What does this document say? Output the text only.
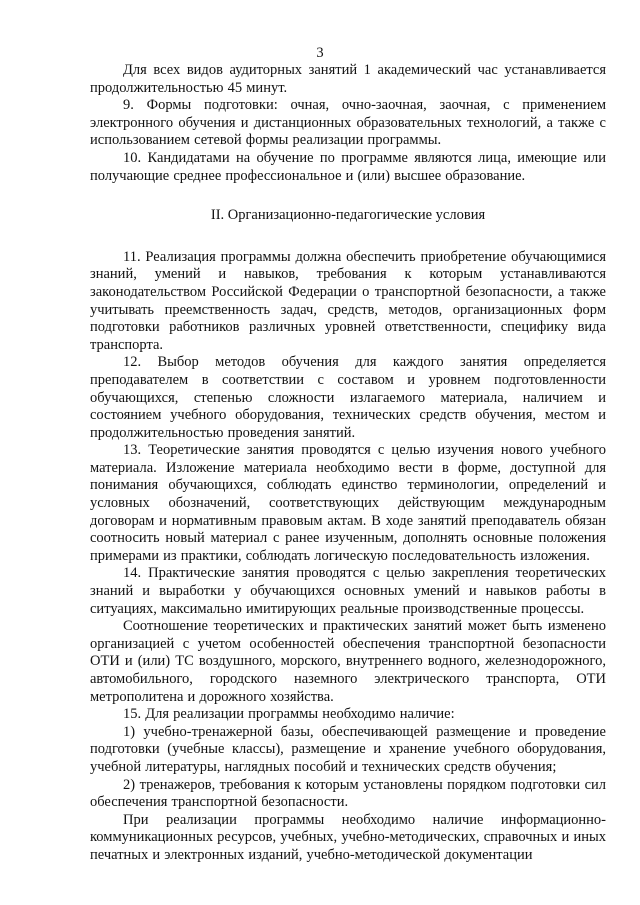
3

Для всех видов аудиторных занятий 1 академический час устанавливается продолжительностью 45 минут.

9. Формы подготовки: очная, очно-заочная, заочная, с применением электронного обучения и дистанционных образовательных технологий, а также с использованием сетевой формы реализации программы.

10. Кандидатами на обучение по программе являются лица, имеющие или получающие среднее профессиональное и (или) высшее образование.

II. Организационно-педагогические условия

11. Реализация программы должна обеспечить приобретение обучающимися знаний, умений и навыков, требования к которым устанавливаются законодательством Российской Федерации о транспортной безопасности, а также учитывать преемственность задач, средств, методов, организационных форм подготовки работников различных уровней ответственности, специфику вида транспорта.

12. Выбор методов обучения для каждого занятия определяется преподавателем в соответствии с составом и уровнем подготовленности обучающихся, степенью сложности излагаемого материала, наличием и состоянием учебного оборудования, технических средств обучения, местом и продолжительностью проведения занятий.

13. Теоретические занятия проводятся с целью изучения нового учебного материала. Изложение материала необходимо вести в форме, доступной для понимания обучающихся, соблюдать единство терминологии, определений и условных обозначений, соответствующих действующим международным договорам и нормативным правовым актам. В ходе занятий преподаватель обязан соотносить новый материал с ранее изученным, дополнять основные положения примерами из практики, соблюдать логическую последовательность изложения.

14. Практические занятия проводятся с целью закрепления теоретических знаний и выработки у обучающихся основных умений и навыков работы в ситуациях, максимально имитирующих реальные производственные процессы.

Соотношение теоретических и практических занятий может быть изменено организацией с учетом особенностей обеспечения транспортной безопасности ОТИ и (или) ТС воздушного, морского, внутреннего водного, железнодорожного, автомобильного, городского наземного электрического транспорта, ОТИ метрополитена и дорожного хозяйства.

15. Для реализации программы необходимо наличие:

1) учебно-тренажерной базы, обеспечивающей размещение и проведение подготовки (учебные классы), размещение и хранение учебного оборудования, учебной литературы, наглядных пособий и технических средств обучения;

2) тренажеров, требования к которым установлены порядком подготовки сил обеспечения транспортной безопасности.

При реализации программы необходимо наличие информационно-коммуникационных ресурсов, учебных, учебно-методических, справочных и иных печатных и электронных изданий, учебно-методической документации
